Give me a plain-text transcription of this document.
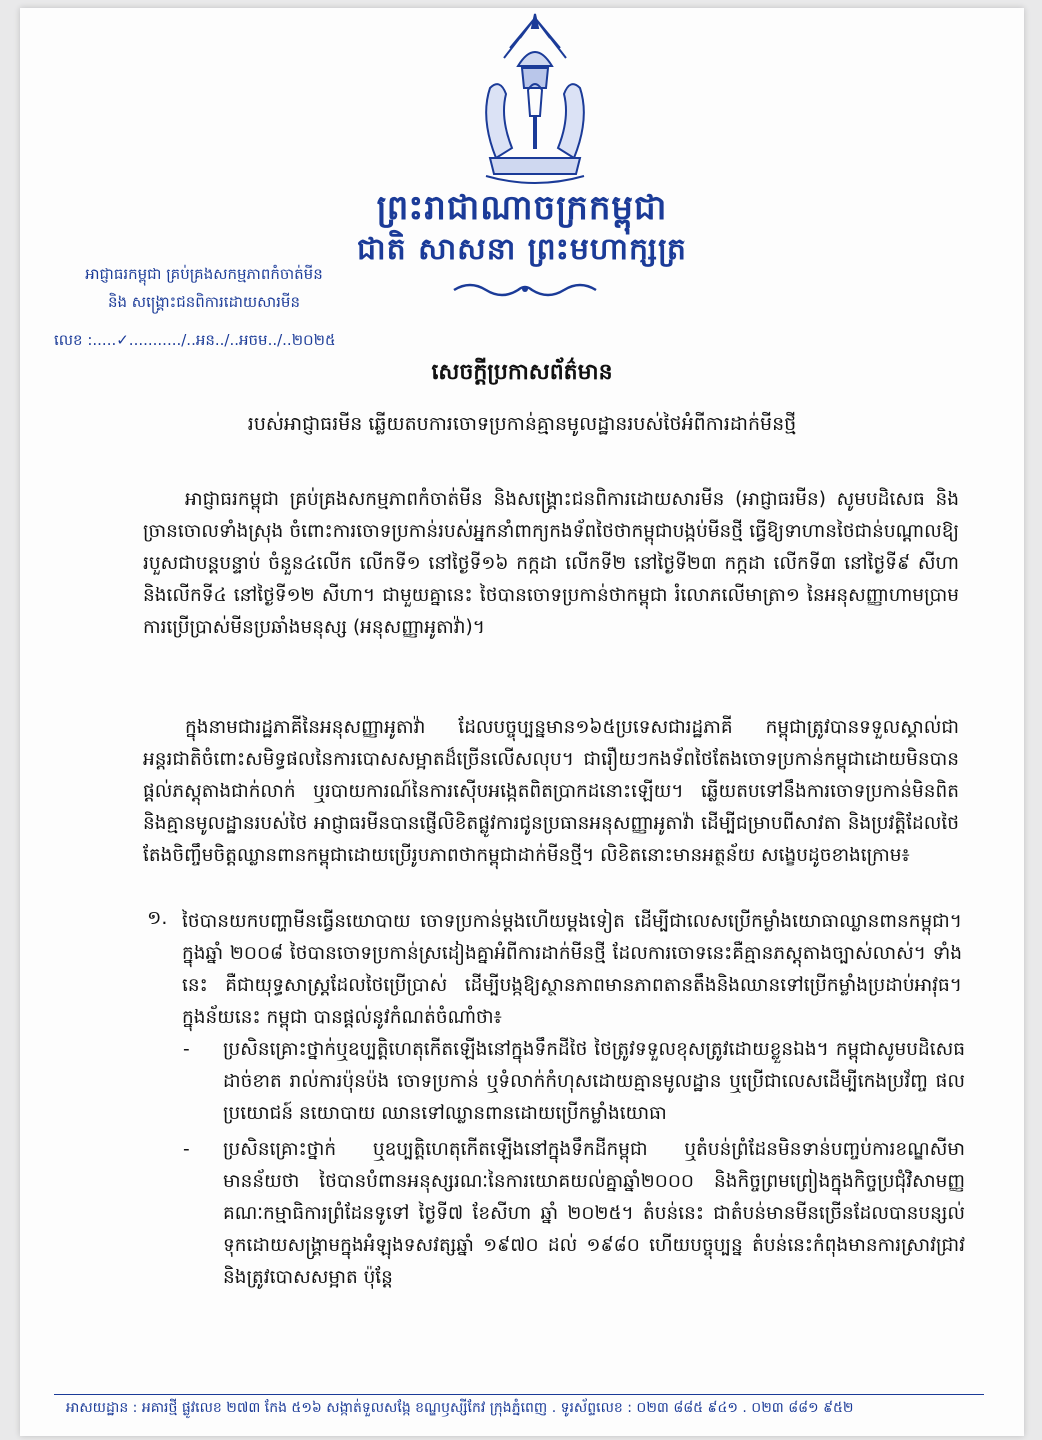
ព្រះរាជាណាចក្រកម្ពុជា
ជាតិ សាសនា ព្រះមហាក្សត្រ
អាជ្ញាធរកម្ពុជា គ្រប់គ្រងសកម្មភាពកំចាត់មីន
និង សង្គ្រោះជនពិការដោយសារមីន
លេខ :.....✓.........../..អន../..អចម../..២០២៥
សេចក្តីប្រកាសព័ត៌មាន
របស់អាជ្ញាធរមីន ឆ្លើយតបការចោទប្រកាន់គ្មានមូលដ្ឋានរបស់ថៃអំពីការដាក់មីនថ្មី
អាជ្ញាធរកម្ពុជា គ្រប់គ្រងសកម្មភាពកំចាត់មីន និងសង្គ្រោះជនពិការដោយសារមីន (អាជ្ញាធរមីន) សូមបដិសេធ និងច្រានចោលទាំងស្រុង ចំពោះការចោទប្រកាន់របស់អ្នកនាំពាក្យកងទ័ពថៃថាកម្ពុជាបង្កប់មីនថ្មី ធ្វើឱ្យទាហានថៃជាន់បណ្តាលឱ្យរបួសជាបន្តបន្ទាប់ ចំនួន៤លើក លើកទី១ នៅថ្ងៃទី១៦ កក្កដា លើកទី២ នៅថ្ងៃទី២៣ កក្កដា លើកទី៣ នៅថ្ងៃទី៩ សីហា និងលើកទី៤ នៅថ្ងៃទី១២ សីហា។ ជាមួយគ្នានេះ ថៃបានចោទប្រកាន់ថាកម្ពុជា រំលោភលើមាត្រា១ នៃអនុសញ្ញាហាមប្រាមការប្រើប្រាស់មីនប្រឆាំងមនុស្ស (អនុសញ្ញាអូតាវ៉ា)។
ក្នុងនាមជារដ្ឋភាគីនៃអនុសញ្ញាអូតាវ៉ា ដែលបច្ចុប្បន្នមាន១៦៥ប្រទេសជារដ្ឋភាគី កម្ពុជាត្រូវបានទទួលស្គាល់ជាអន្តរជាតិចំពោះសមិទ្ធផលនៃការបោសសម្អាតដ៏ច្រើនលើសលុប។ ជារឿយៗកងទ័ពថៃតែងចោទប្រកាន់កម្ពុជាដោយមិនបានផ្តល់ភស្តុតាងជាក់លាក់ ឬរបាយការណ៍នៃការស៊ើបអង្កេតពិតប្រាកដនោះឡើយ។ ឆ្លើយតបទៅនឹងការចោទប្រកាន់មិនពិត និងគ្មានមូលដ្ឋានរបស់ថៃ អាជ្ញាធរមីនបានផ្ញើលិខិតផ្លូវការជូនប្រធានអនុសញ្ញាអូតាវ៉ា ដើម្បីជម្រាបពីសាវតា និងប្រវត្តិដែលថៃតែងចិញ្ចឹមចិត្តឈ្លានពានកម្ពុជាដោយប្រើរូបភាពថាកម្ពុជាដាក់មីនថ្មី។ លិខិតនោះមានអត្ថន័យ សង្ខេបដូចខាងក្រោម៖
១. ថៃបានយកបញ្ហាមីនធ្វើនយោបាយ ចោទប្រកាន់ម្តងហើយម្តងទៀត ដើម្បីជាលេសប្រើកម្លាំងយោធាឈ្លានពានកម្ពុជា។ ក្នុងឆ្នាំ ២០០៨ ថៃបានចោទប្រកាន់ស្រដៀងគ្នាអំពីការដាក់មីនថ្មី ដែលការចោទនេះគឺគ្មានភស្តុតាងច្បាស់លាស់។ ទាំងនេះ គឺជាយុទ្ធសាស្ត្រដែលថៃប្រើប្រាស់ ដើម្បីបង្កឱ្យស្ថានភាពមានភាពតានតឹងនិងឈានទៅប្រើកម្លាំងប្រដាប់អាវុធ។ ក្នុងន័យនេះ កម្ពុជា បានផ្តល់នូវកំណត់ចំណាំថា៖
- ប្រសិនគ្រោះថ្នាក់ឬឧប្បត្តិហេតុកើតឡើងនៅក្នុងទឹកដីថៃ ថៃត្រូវទទួលខុសត្រូវដោយខ្លួនឯង។ កម្ពុជាសូមបដិសេធដាច់ខាត រាល់ការប៉ុនប៉ង ចោទប្រកាន់ ឬទំលាក់កំហុសដោយគ្មានមូលដ្ឋាន ឬប្រើជាលេសដើម្បីកេងប្រវ័ញ្ច ផលប្រយោជន៍ នយោបាយ ឈានទៅឈ្លានពានដោយប្រើកម្លាំងយោធា
- ប្រសិនគ្រោះថ្នាក់ ឬឧប្បត្តិហេតុកើតឡើងនៅក្នុងទឹកដីកម្ពុជា ឬតំបន់ព្រំដែនមិនទាន់បញ្ចប់ការខណ្ឌសីមា មានន័យថា ថៃបានបំពានអនុស្សរណៈនៃការយោគយល់គ្នាឆ្នាំ២០០០ និងកិច្ចព្រមព្រៀងក្នុងកិច្ចប្រជុំវិសាមញ្ញគណៈកម្មាធិការព្រំដែនទូទៅ ថ្ងៃទី៧ ខែសីហា ឆ្នាំ ២០២៥។ តំបន់នេះ ជាតំបន់មានមីនច្រើនដែលបានបន្សល់ទុកដោយសង្គ្រាមក្នុងអំឡុងទសវត្សឆ្នាំ ១៩៧០ ដល់ ១៩៨០ ហើយបច្ចុប្បន្ន តំបន់នេះកំពុងមានការស្រាវជ្រាវ និងត្រូវបោសសម្អាត ប៉ុន្តែ
អាសយដ្ឋាន : អគារថ្មី ផ្លូវលេខ ២៧៣ កែង ៥១៦ សង្កាត់ទួលសង្កែ ខណ្ឌឫស្សីកែវ ក្រុងភ្នំពេញ . ទូរស័ព្ទលេខ : ០២៣ ៨៨៥ ៩៤១ . ០២៣ ៨៨១ ៩៥២
